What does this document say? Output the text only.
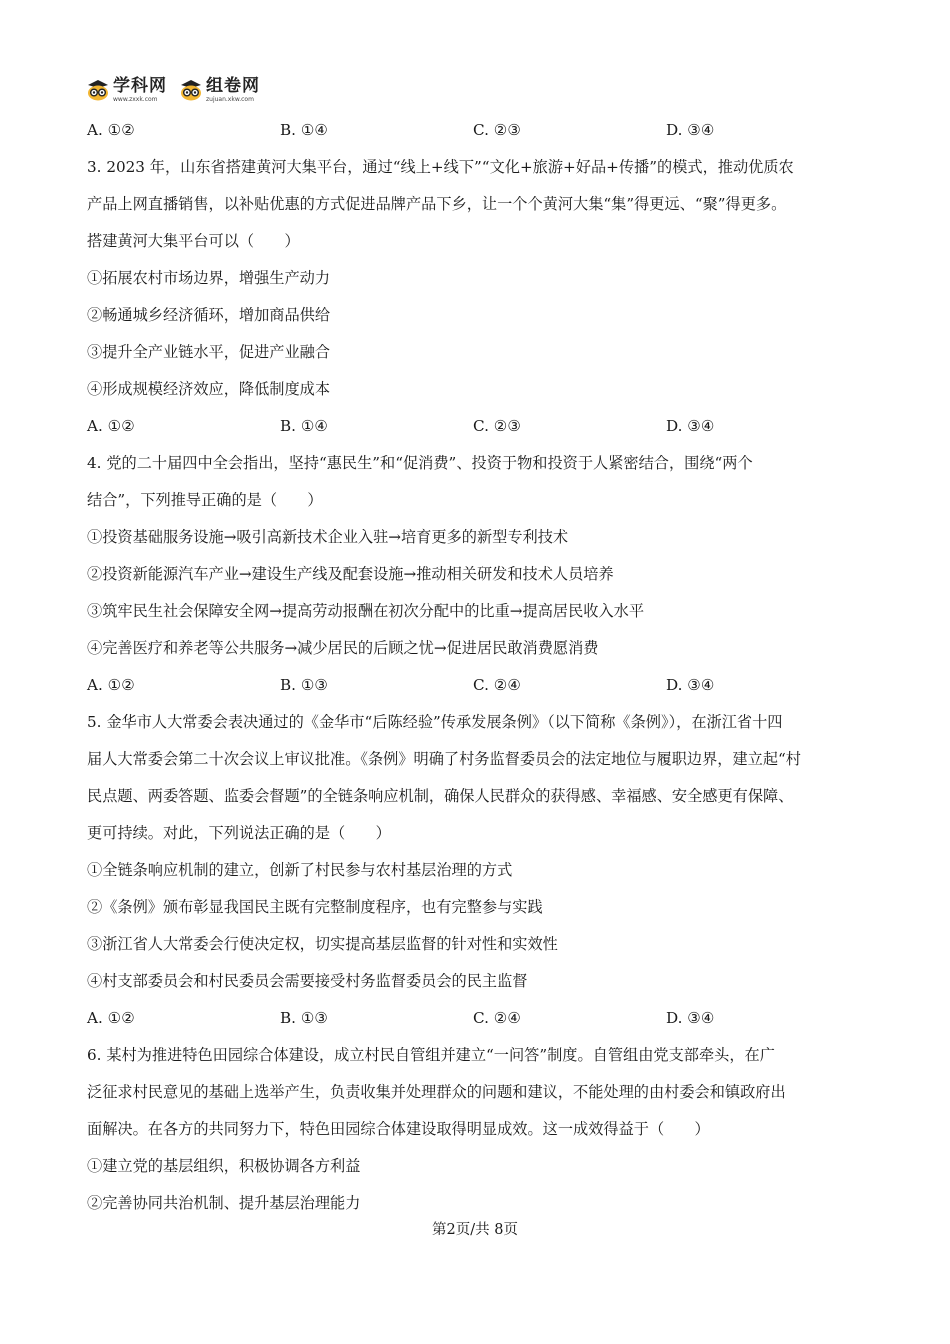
学科网
www.zxxk.com
组卷网
zujuan.xkw.com
A. ①②	B. ①④	C. ②③	D. ③④
3. 2023 年，山东省搭建黄河大集平台，通过“线上+线下”“文化+旅游+好品+传播”的模式，推动优质农
产品上网直播销售，以补贴优惠的方式促进品牌产品下乡，让一个个黄河大集“集”得更远、“聚”得更多。
搭建黄河大集平台可以（　　）
①拓展农村市场边界，增强生产动力
②畅通城乡经济循环，增加商品供给
③提升全产业链水平，促进产业融合
④形成规模经济效应，降低制度成本
A. ①②	B. ①④	C. ②③	D. ③④
4. 党的二十届四中全会指出，坚持“惠民生”和“促消费”、投资于物和投资于人紧密结合，围绕“两个
结合”，下列推导正确的是（　　）
①投资基础服务设施→吸引高新技术企业入驻→培育更多的新型专利技术
②投资新能源汽车产业→建设生产线及配套设施→推动相关研发和技术人员培养
③筑牢民生社会保障安全网→提高劳动报酬在初次分配中的比重→提高居民收入水平
④完善医疗和养老等公共服务→减少居民的后顾之忧→促进居民敢消费愿消费
A. ①②	B. ①③	C. ②④	D. ③④
5. 金华市人大常委会表决通过的《金华市“后陈经验”传承发展条例》（以下简称《条例》），在浙江省十四
届人大常委会第二十次会议上审议批准。《条例》明确了村务监督委员会的法定地位与履职边界，建立起“村
民点题、两委答题、监委会督题”的全链条响应机制，确保人民群众的获得感、幸福感、安全感更有保障、
更可持续。对此，下列说法正确的是（　　）
①全链条响应机制的建立，创新了村民参与农村基层治理的方式
②《条例》颁布彰显我国民主既有完整制度程序，也有完整参与实践
③浙江省人大常委会行使决定权，切实提高基层监督的针对性和实效性
④村支部委员会和村民委员会需要接受村务监督委员会的民主监督
A. ①②	B. ①③	C. ②④	D. ③④
6. 某村为推进特色田园综合体建设，成立村民自管组并建立“一问答”制度。自管组由党支部牵头，在广
泛征求村民意见的基础上选举产生，负责收集并处理群众的问题和建议，不能处理的由村委会和镇政府出
面解决。在各方的共同努力下，特色田园综合体建设取得明显成效。这一成效得益于（　　）
①建立党的基层组织，积极协调各方利益
②完善协同共治机制、提升基层治理能力
第2页/共 8页
